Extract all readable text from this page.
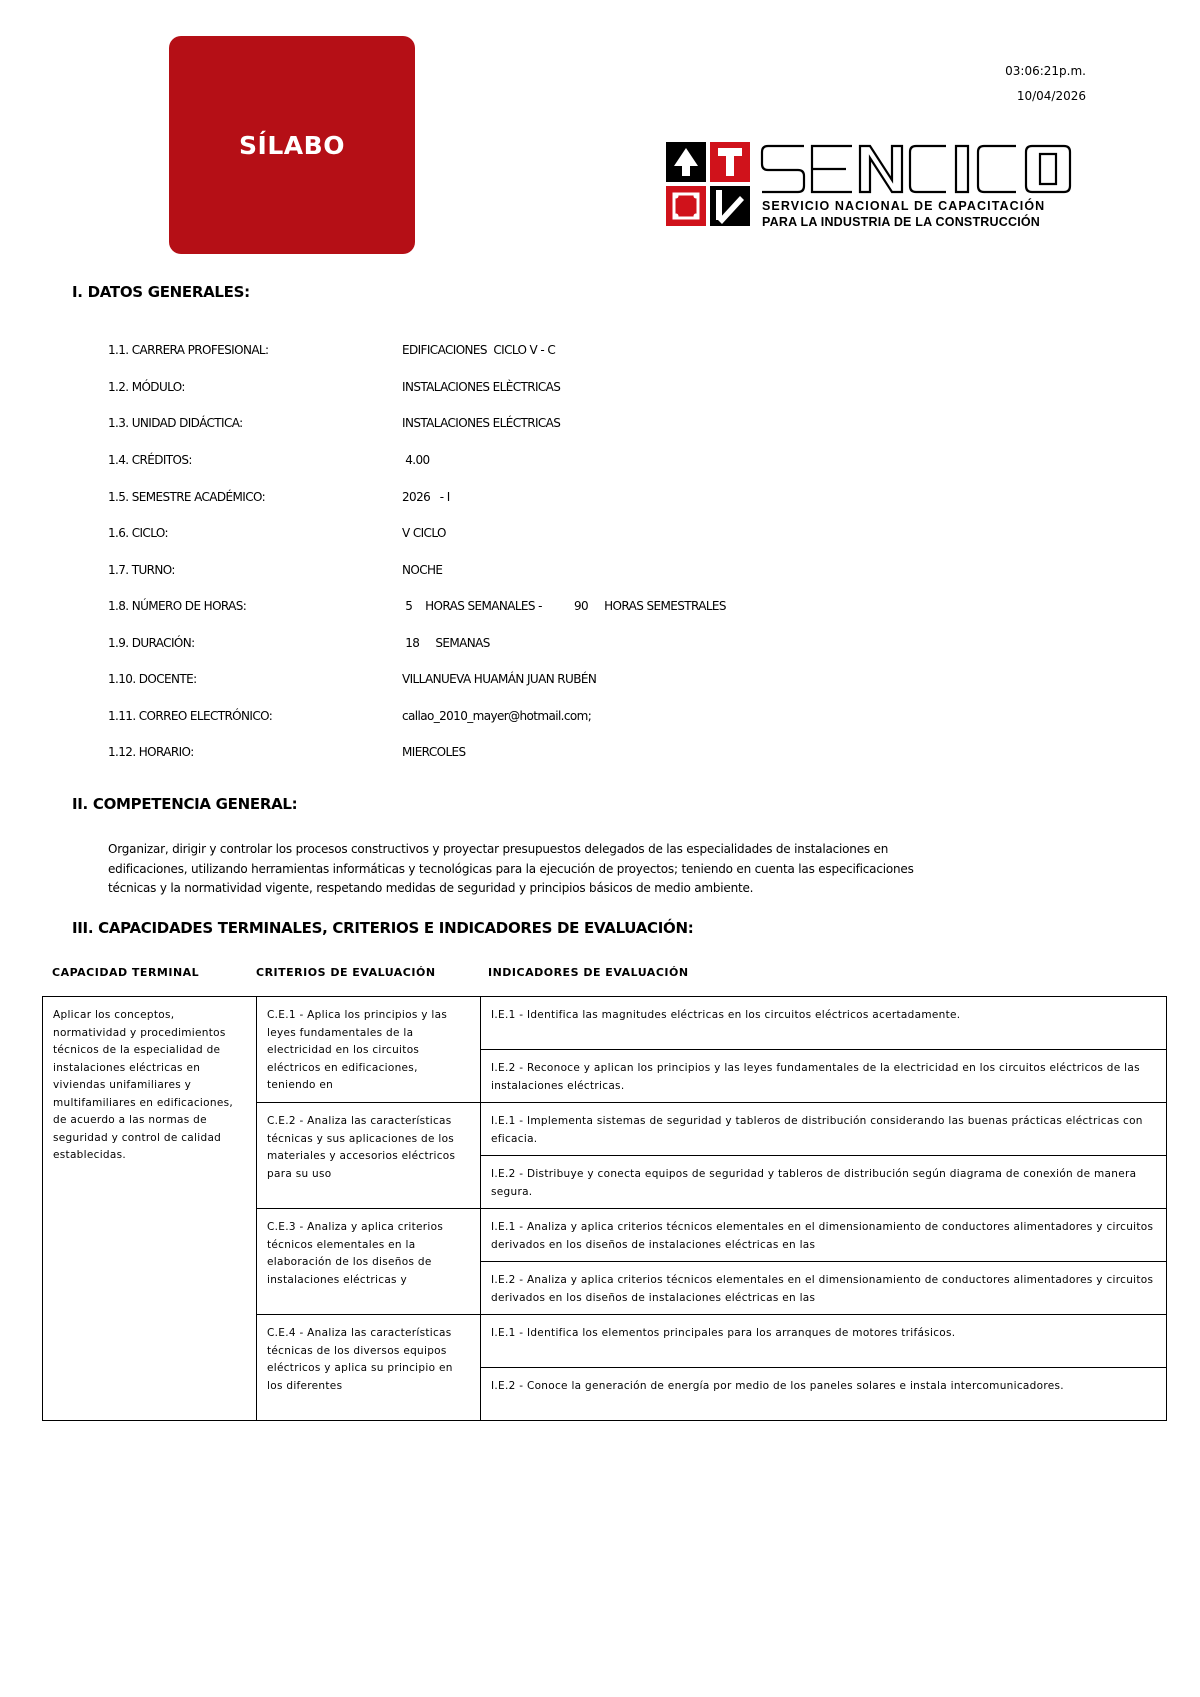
SÍLABO
03:06:21p.m.
10/04/2026
SERVICIO NACIONAL DE CAPACITACIÓN
PARA LA INDUSTRIA DE LA CONSTRUCCIÓN
I. DATOS GENERALES:
1.1. CARRERA PROFESIONAL:	EDIFICACIONES  CICLO V - C
1.2. MÓDULO:	INSTALACIONES ELÈCTRICAS
1.3. UNIDAD DIDÁCTICA:	INSTALACIONES ELÉCTRICAS
1.4. CRÉDITOS:	4.00
1.5. SEMESTRE ACADÉMICO:	2026   - I
1.6. CICLO:	V CICLO
1.7. TURNO:	NOCHE
1.8. NÚMERO DE HORAS:	5    HORAS SEMANALES -          90     HORAS SEMESTRALES
1.9. DURACIÓN:	18     SEMANAS
1.10. DOCENTE:	VILLANUEVA HUAMÁN JUAN RUBÉN
1.11. CORREO ELECTRÓNICO:	callao_2010_mayer@hotmail.com;
1.12. HORARIO:	MIERCOLES
II. COMPETENCIA GENERAL:
Organizar, dirigir y controlar los procesos constructivos y proyectar presupuestos delegados de las especialidades de instalaciones en edificaciones, utilizando herramientas informáticas y tecnológicas para la ejecución de proyectos; teniendo en cuenta las especificaciones técnicas y la normatividad vigente, respetando medidas de seguridad y principios básicos de medio ambiente.
III. CAPACIDADES TERMINALES, CRITERIOS E INDICADORES DE EVALUACIÓN:
CAPACIDAD TERMINAL	CRITERIOS DE EVALUACIÓN	INDICADORES DE EVALUACIÓN
Aplicar los conceptos, normatividad y procedimientos técnicos de la especialidad de instalaciones eléctricas en viviendas unifamiliares y multifamiliares en edificaciones, de acuerdo a las normas de seguridad y control de calidad establecidas.	C.E.1 - Aplica los principios y las leyes fundamentales de la electricidad en los circuitos eléctricos en edificaciones, teniendo en	I.E.1 - Identifica las magnitudes eléctricas en los circuitos eléctricos acertadamente.

		I.E.2 - Reconoce y aplican los principios y las leyes fundamentales de la electricidad en los circuitos eléctricos de las instalaciones eléctricas.

	C.E.2 - Analiza las características técnicas y sus aplicaciones de los materiales y accesorios eléctricos para su uso	I.E.1 - Implementa sistemas de seguridad y tableros de distribución considerando las buenas prácticas eléctricas con eficacia.

		I.E.2 - Distribuye y conecta equipos de seguridad y tableros de distribución según diagrama de conexión de manera segura.

	C.E.3 - Analiza y aplica criterios técnicos elementales en la elaboración de los diseños de instalaciones eléctricas y	I.E.1 - Analiza y aplica criterios técnicos elementales en el dimensionamiento de conductores alimentadores y circuitos derivados en los diseños de instalaciones eléctricas en las

		I.E.2 - Analiza y aplica criterios técnicos elementales en el dimensionamiento de conductores alimentadores y circuitos derivados en los diseños de instalaciones eléctricas en las

	C.E.4 - Analiza las características técnicas de los diversos equipos eléctricos y aplica su principio en los diferentes	I.E.1 - Identifica los elementos principales para los arranques de motores trifásicos.

		I.E.2 - Conoce la generación de energía por medio de los paneles solares e instala intercomunicadores.
